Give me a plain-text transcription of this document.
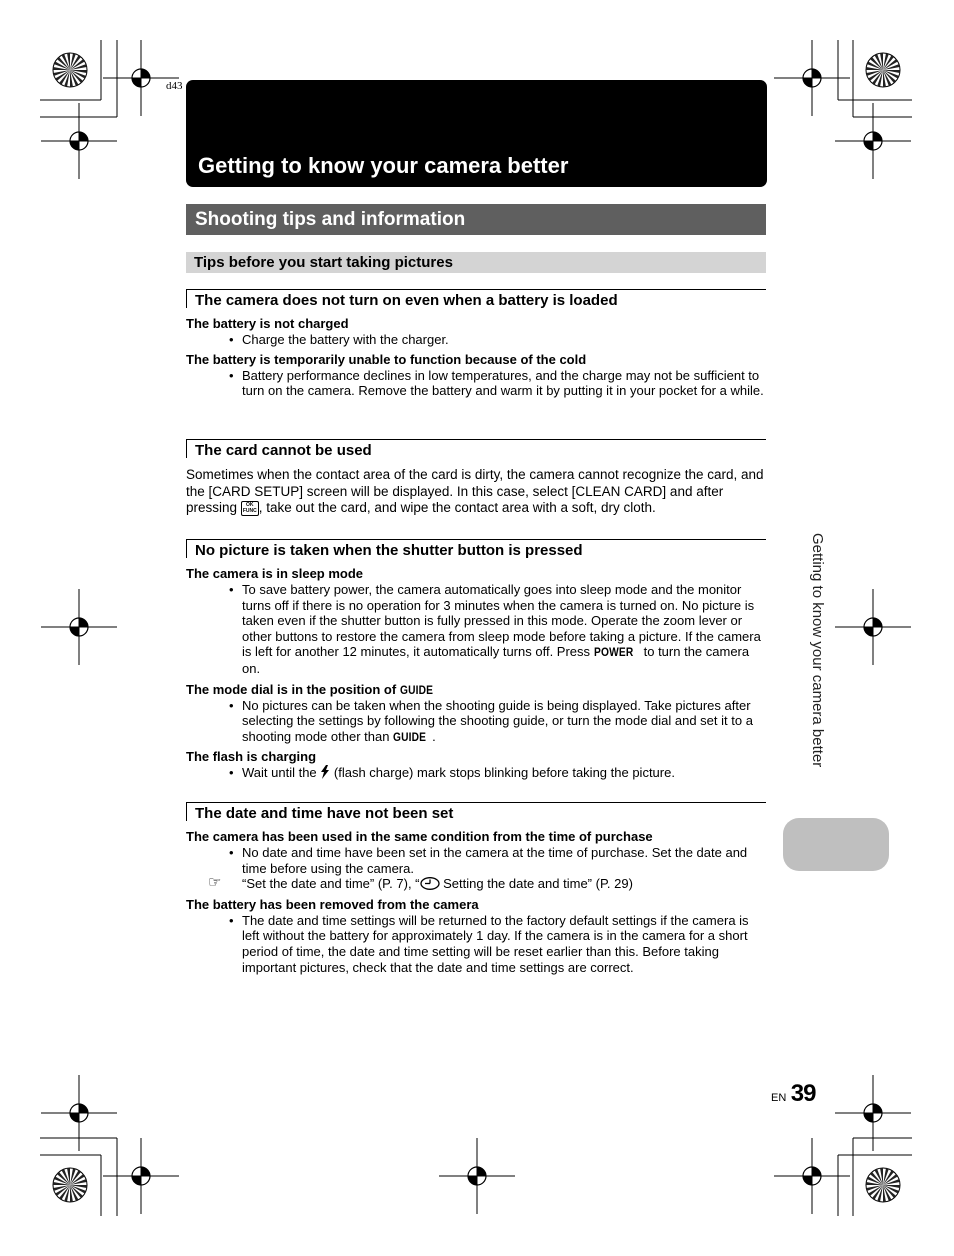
d43
Getting to know your camera better
Shooting tips and information
Tips before you start taking pictures
The camera does not turn on even when a battery is loaded

The battery is not charged

• Charge the battery with the charger.

The battery is temporarily unable to function because of the cold

• Battery performance declines in low temperatures, and the charge may not be sufficient to turn on the camera. Remove the battery and warm it by putting it in your pocket for a while.

The card cannot be used

Sometimes when the contact area of the card is dirty, the camera cannot recognize the card, and the [CARD SETUP] screen will be displayed. In this case, select [CLEAN CARD] and after pressing OK FUNC , take out the card, and wipe the contact area with a soft, dry cloth.

No picture is taken when the shutter button is pressed

The camera is in sleep mode

• To save battery power, the camera automatically goes into sleep mode and the monitor turns off if there is no operation for 3 minutes when the camera is turned on. No picture is taken even if the shutter button is fully pressed in this mode. Operate the zoom lever or other buttons to restore the camera from sleep mode before taking a picture. If the camera is left for another 12 minutes, it automatically turns off. Press POWER to turn the camera on.

The mode dial is in the position of GUIDE

• No pictures can be taken when the shooting guide is being displayed. Take pictures after selecting the settings by following the shooting guide, or turn the mode dial and set it to a shooting mode other than GUIDE .

The flash is charging

• Wait until the  (flash charge) mark stops blinking before taking the picture.

The date and time have not been set

The camera has been used in the same condition from the time of purchase

• No date and time have been set in the camera at the time of purchase. Set the date and time before using the camera.

☞ “Set the date and time” (P. 7), “ Setting the date and time” (P. 29)

The battery has been removed from the camera

• The date and time settings will be returned to the factory default settings if the camera is left without the battery for approximately 1 day. If the camera is in the camera for a short period of time, the date and time setting will be reset earlier than this. Before taking important pictures, check that the date and time settings are correct.

Getting to know your camera better
EN 39
